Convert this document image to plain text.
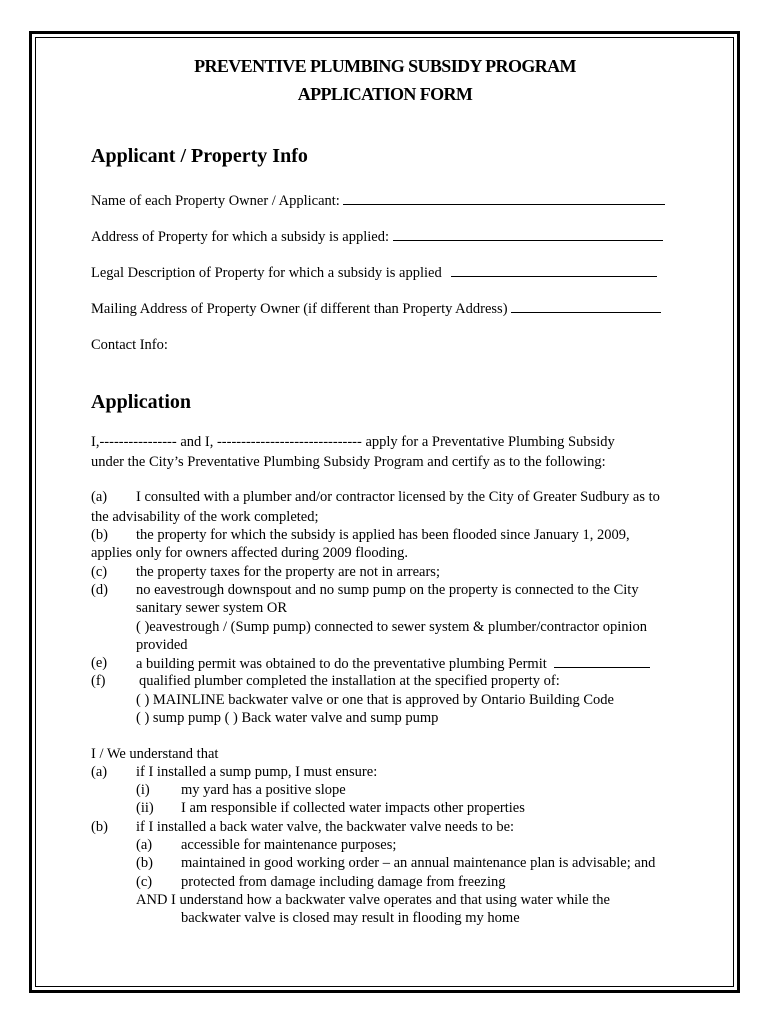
PREVENTIVE PLUMBING SUBSIDY PROGRAM
APPLICATION FORM
Applicant / Property Info
Name of each Property Owner / Applicant:
Address of Property for which a subsidy is applied:
Legal Description of Property for which a subsidy is applied
Mailing Address of Property Owner (if different than Property Address)
Contact Info:
Application
I,---------------- and I, ------------------------------ apply for a Preventative Plumbing Subsidy
under the City’s Preventative Plumbing Subsidy Program and certify as to the following:
(a) I consulted with a plumber and/or contractor licensed by the City of Greater Sudbury as to
the advisability of the work completed;
(b) the property for which the subsidy is applied has been flooded since January 1, 2009,
applies only for owners affected during 2009 flooding.
(c) the property taxes for the property are not in arrears;
(d) no eavestrough downspout and no sump pump on the property is connected to the City
sanitary sewer system OR
( )eavestrough / (Sump pump) connected to sewer system & plumber/contractor opinion
provided
(e) a building permit was obtained to do the preventative plumbing Permit
(f) qualified plumber completed the installation at the specified property of:
( ) MAINLINE backwater valve or one that is approved by Ontario Building Code
( ) sump pump ( ) Back water valve and sump pump
I / We understand that
(a) if I installed a sump pump, I must ensure:
(i) my yard has a positive slope
(ii) I am responsible if collected water impacts other properties
(b) if I installed a back water valve, the backwater valve needs to be:
(a) accessible for maintenance purposes;
(b) maintained in good working order – an annual maintenance plan is advisable; and
(c) protected from damage including damage from freezing
AND I understand how a backwater valve operates and that using water while the
backwater valve is closed may result in flooding my home
